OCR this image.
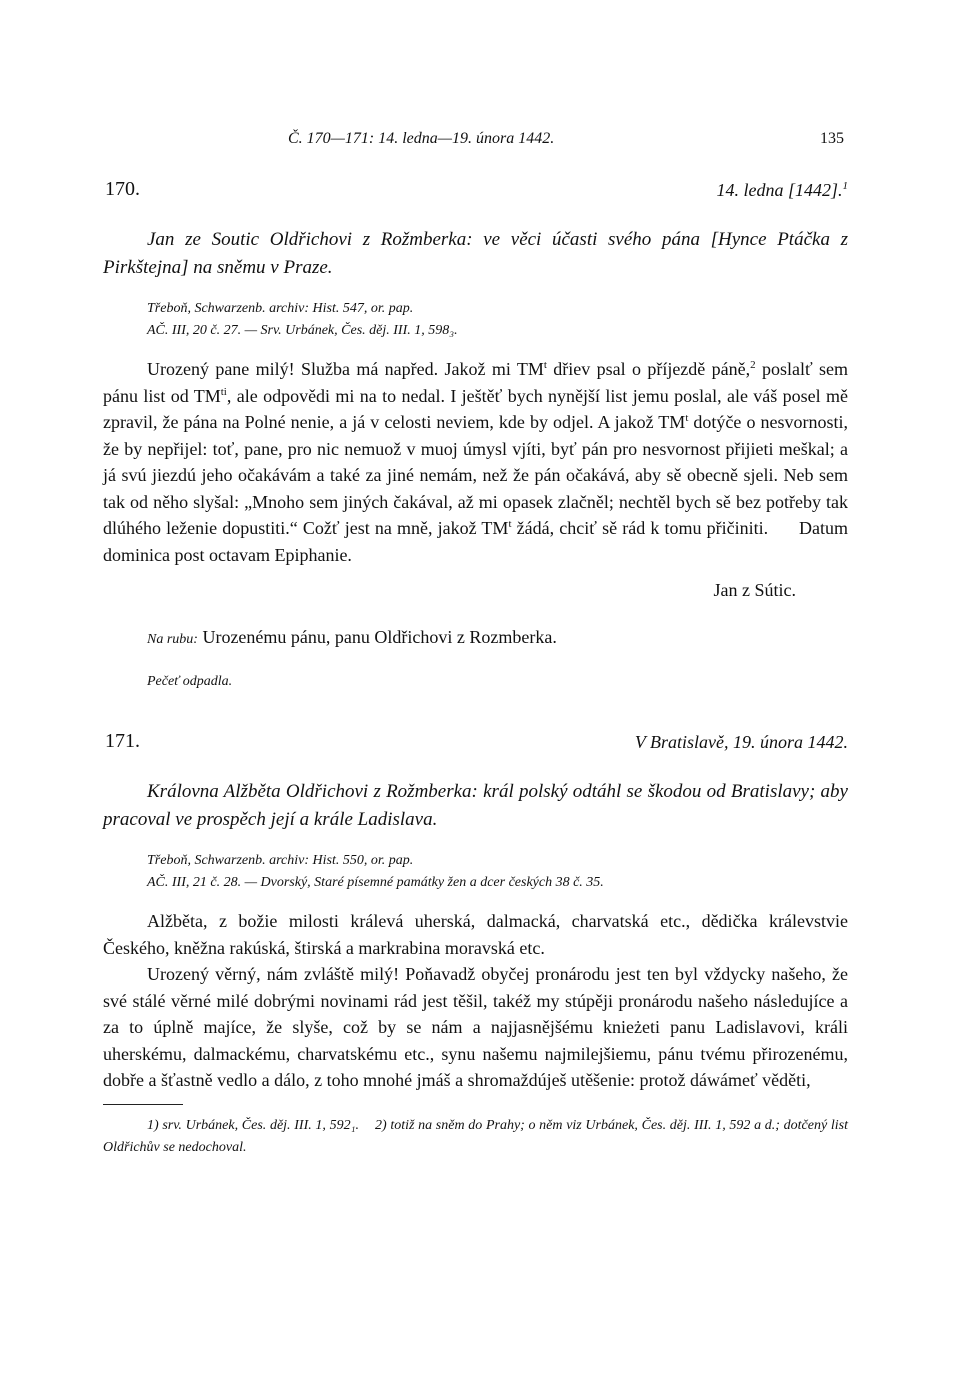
Č. 170—171: 14. ledna—19. února 1442.	135
170.	14. ledna [1442].$^1$

Jan ze Soutic Oldřichovi z Rožmberka: ve věci účasti svého pána [Hynce Ptáčka z Pirkštejna] na sněmu v Praze.

Třeboň, Schwarzenb. archiv: Hist. 547, or. pap.
AČ. III, 20 č. 27. — Srv. Urbánek, Čes. děj. III. 1, 598₃.

Urozený pane milý! Služba má napřed. Jakož mi $TM^t$ dřiev psal o příjezdě páně,$^2$ poslalť sem pánu list od $TM^{ti}$, ale odpovědi mi na to nedal. I ještěť bych nynější list jemu poslal, ale váš posel mě zpravil, že pána na Polné nenie, a já v celosti neviem, kde by odjel. A jakož $TM^t$ dotýče o nesvornosti, že by nepřijel: toť, pane, pro nic nemuož v muoj úmysl vjíti, byť pán pro nesvornost přijieti meškal; a já svú jiezdú jeho očakávám a také za jiné nemám, než že pán očakává, aby sě obecně sjeli. Neb sem tak od něho slyšal: „Mnoho sem jiných čakával, až mi opasek zlačněl; nechtěl bych sě bez potřeby tak dlúhého leženie dopustiti.“ Cožť jest na mně, jakož $TM^t$ žádá, chciť sě rád k tomu přičiniti. Datum dominica post octavam Epiphanie.

Jan z Sútic.
Na rubu: Urozenému pánu, panu Oldřichovi z Rozmberka.
Pečeť odpadla.
171.	V Bratislavě, 19. února 1442.

Královna Alžběta Oldřichovi z Rožmberka: král polský odtáhl se škodou od Bratislavy; aby pracoval ve prospěch její a krále Ladislava.

Třeboň, Schwarzenb. archiv: Hist. 550, or. pap.
AČ. III, 21 č. 28. — Dvorský, Staré písemné památky žen a dcer českých 38 č. 35.

Alžběta, z božie milosti králevá uherská, dalmacká, charvatská etc., dědička králevstvie Českého, kněžna rakúská, štirská a markrabina moravská etc.

Urozený věrný, nám zvláště milý! Poňavadž obyčej pronárodu jest ten byl vždycky našeho, že své stálé věrné milé dobrými novinami rád jest těšil, takéž my stúpěji pronárodu našeho následujíce a za to úplně majíce, že slyše, což by se nám a najjasnějšému knieżeti panu Ladislavovi, králi uherskému, dalmackému, charvatskému etc., synu našemu najmilejšiemu, pánu tvému přirozenému, dobře a šťastně vedlo a dálo, z toho mnohé jmáš a shromaždúješ utěšenie: protož dáwámeť věděti,

1) srv. Urbánek, Čes. děj. III. 1, 592₁. 2) totiž na sněm do Prahy; o něm viz Urbánek, Čes. děj. III. 1, 592 a d.; dotčený list Oldřichův se nedochoval.
